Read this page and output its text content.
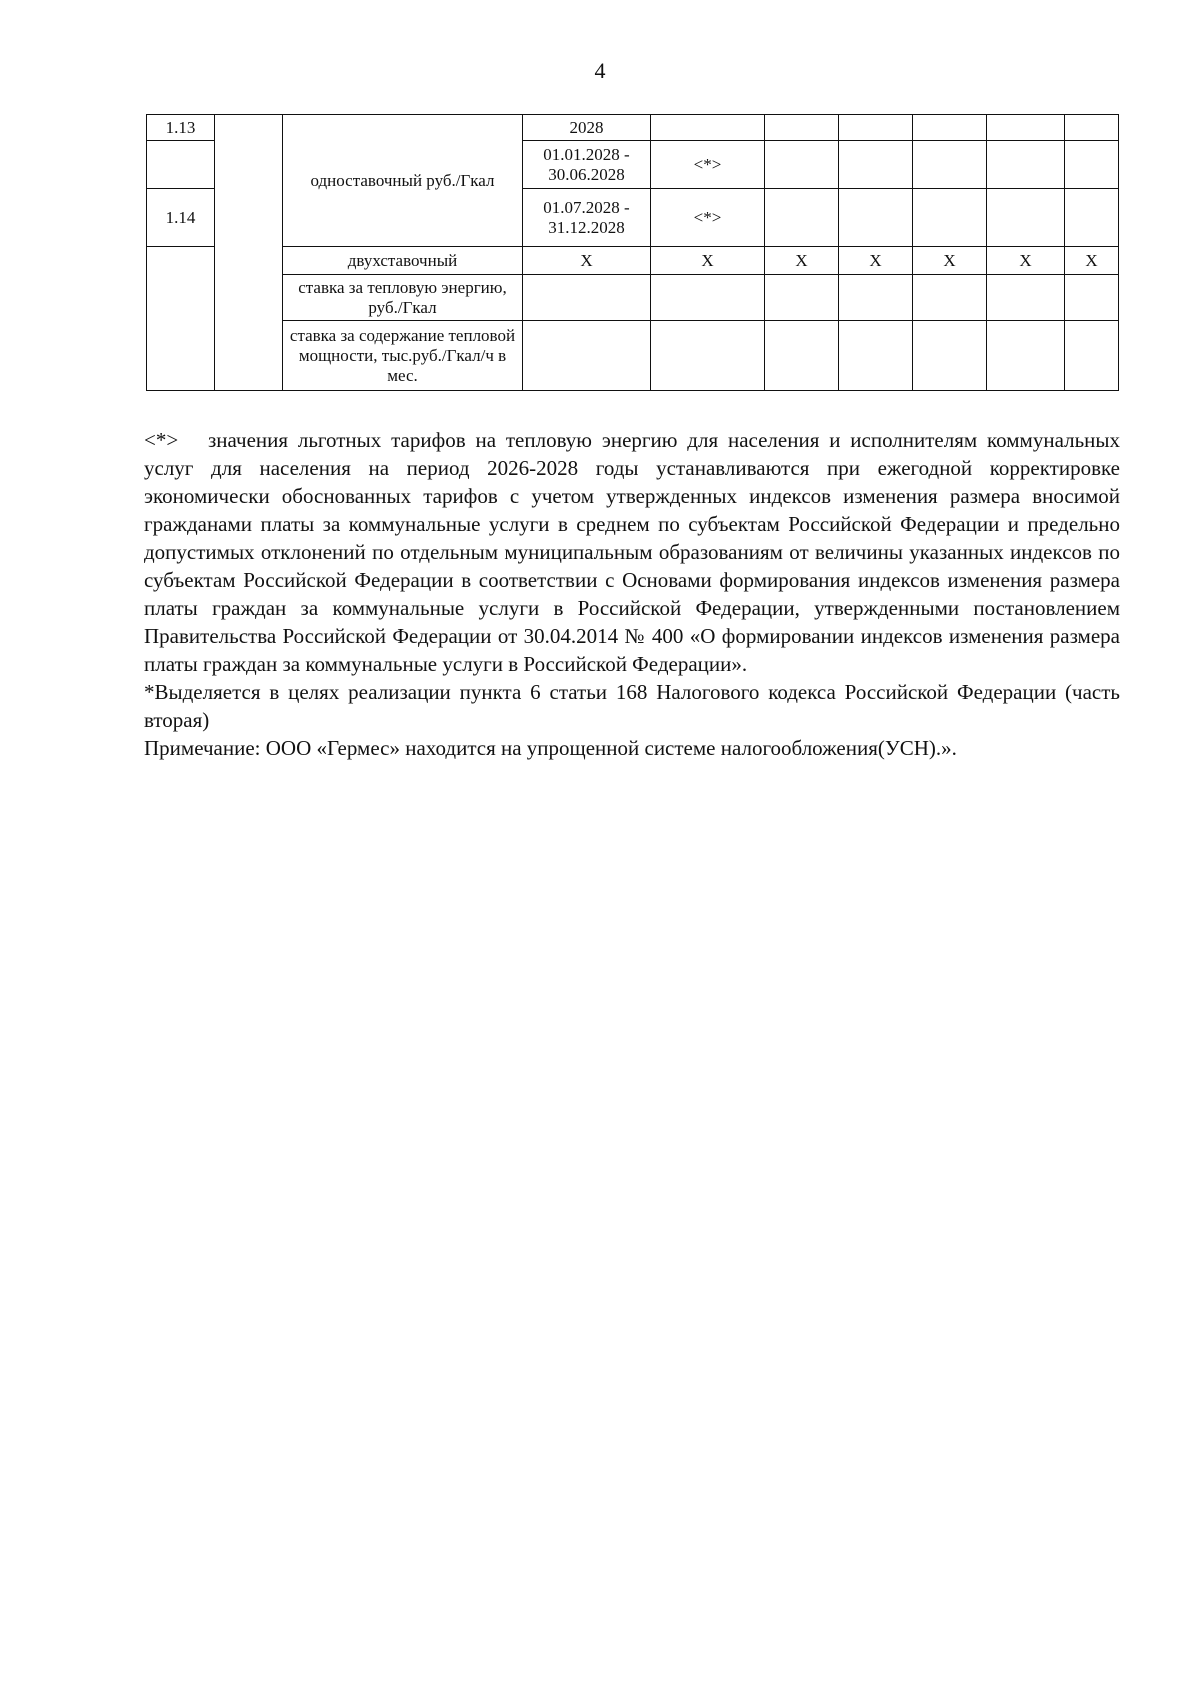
4
1.13		одноставочный руб./Гкал	2028						
			01.01.2028 - 30.06.2028	<*>					
1.14			01.07.2028 - 31.12.2028	<*>					
		двухставочный	X	X	X	X	X	X	X
		ставка за тепловую энергию, руб./Гкал							
		ставка за содержание тепловой мощности, тыс.руб./Гкал/ч в мес.							

<*> значения льготных тарифов на тепловую энергию для населения и исполнителям коммунальных услуг для населения на период 2026-2028 годы устанавливаются при ежегодной корректировке экономически обоснованных тарифов с учетом утвержденных индексов изменения размера вносимой гражданами платы за коммунальные услуги в среднем по субъектам Российской Федерации и предельно допустимых отклонений по отдельным муниципальным образованиям от величины указанных индексов по субъектам Российской Федерации в соответствии с Основами формирования индексов изменения размера платы граждан за коммунальные услуги в Российской Федерации, утвержденными постановлением Правительства Российской Федерации от 30.04.2014 № 400 «О формировании индексов изменения размера платы граждан за коммунальные услуги в Российской Федерации».

*Выделяется в целях реализации пункта 6 статьи 168 Налогового кодекса Российской Федерации (часть вторая)

Примечание: ООО «Гермес» находится на упрощенной системе налогообложения(УСН).».
